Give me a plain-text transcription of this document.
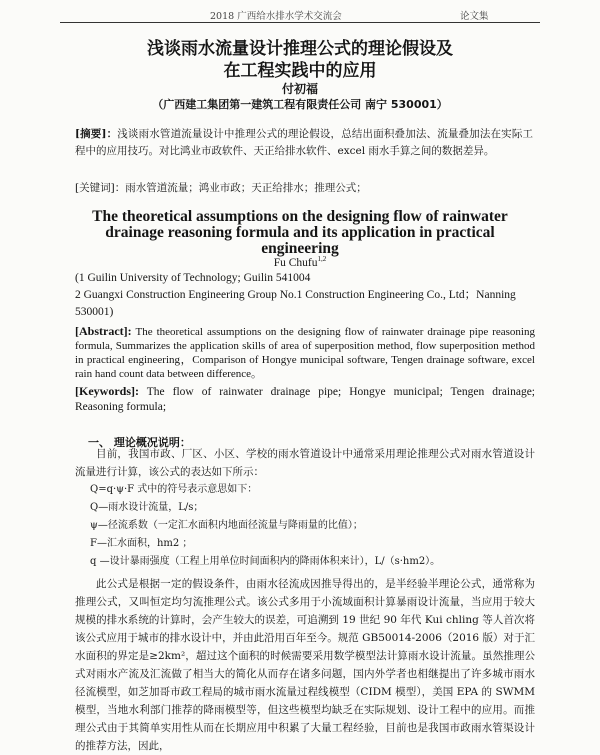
2018 广西给水排水学术交流会	论文集
浅谈雨水流量设计推理公式的理论假设及
在工程实践中的应用
付初福
（广西建工集团第一建筑工程有限责任公司 南宁 530001）
[摘要]：浅谈雨水管道流量设计中推理公式的理论假设，总结出面积叠加法、流量叠加法在实际工程中的应用技巧。对比鸿业市政软件、天正给排水软件、excel 雨水手算之间的数据差异。
[关键词]：雨水管道流量；鸿业市政；天正给排水；推理公式；
The theoretical assumptions on the designing flow of rainwater
drainage reasoning formula and its application in practical
engineering
Fu Chufu$^{1,2}$
(1 Guilin University of Technology; Guilin 541004
2 Guangxi Construction Engineering Group No.1 Construction Engineering Co., Ltd；Nanning 530001)
[Abstract]: The theoretical assumptions on the designing flow of rainwater drainage pipe reasoning formula, Summarizes the application skills of area of superposition method, flow superposition method in practical engineering，Comparison of Hongye municipal software, Tengen drainage software, excel rain hand count data between difference。
[Keywords]: The flow of rainwater drainage pipe; Hongye municipal; Tengen drainage; Reasoning formula;
一、 理论概况说明：
目前，我国市政、厂区、小区、学校的雨水管道设计中通常采用理论推理公式对雨水管道设计流量进行计算，该公式的表达如下所示：
Q=q·ψ·F 式中的符号表示意思如下：
Q—雨水设计流量，L/s；
ψ—径流系数（一定汇水面积内地面径流量与降雨量的比值）；
F—汇水面积，hm2 ；
q —设计暴雨强度（工程上用单位时间面积内的降雨体积来计），L/（s·hm2）。
此公式是根据一定的假设条件，由雨水径流成因推导得出的，是半经验半理论公式，通常称为推理公式，又叫恒定均匀流推理公式。该公式多用于小流域面积计算暴雨设计流量，当应用于较大规模的排水系统的计算时，会产生较大的误差，可追溯到 19 世纪 90 年代 Kui chling 等人首次将该公式应用于城市的排水设计中，并由此沿用百年至今。规范 GB50014-2006（2016 版）对于汇水面积的界定是≥2km²，超过这个面积的时候需要采用数学模型法计算雨水设计流量。虽然推理公式对雨水产流及汇流做了相当大的简化从而存在诸多问题，国内外学者也相继提出了许多城市雨水径流模型，如芝加哥市政工程局的城市雨水流量过程线模型（CIDM 模型），美国 EPA 的 SWMM 模型，当地水利部门推荐的降雨模型等，但这些模型均缺乏在实际规划、设计工程中的应用。而推理公式由于其简单实用性从而在长期应用中积累了大量工程经验，目前也是我国市政雨水管渠设计的推荐方法，因此，
